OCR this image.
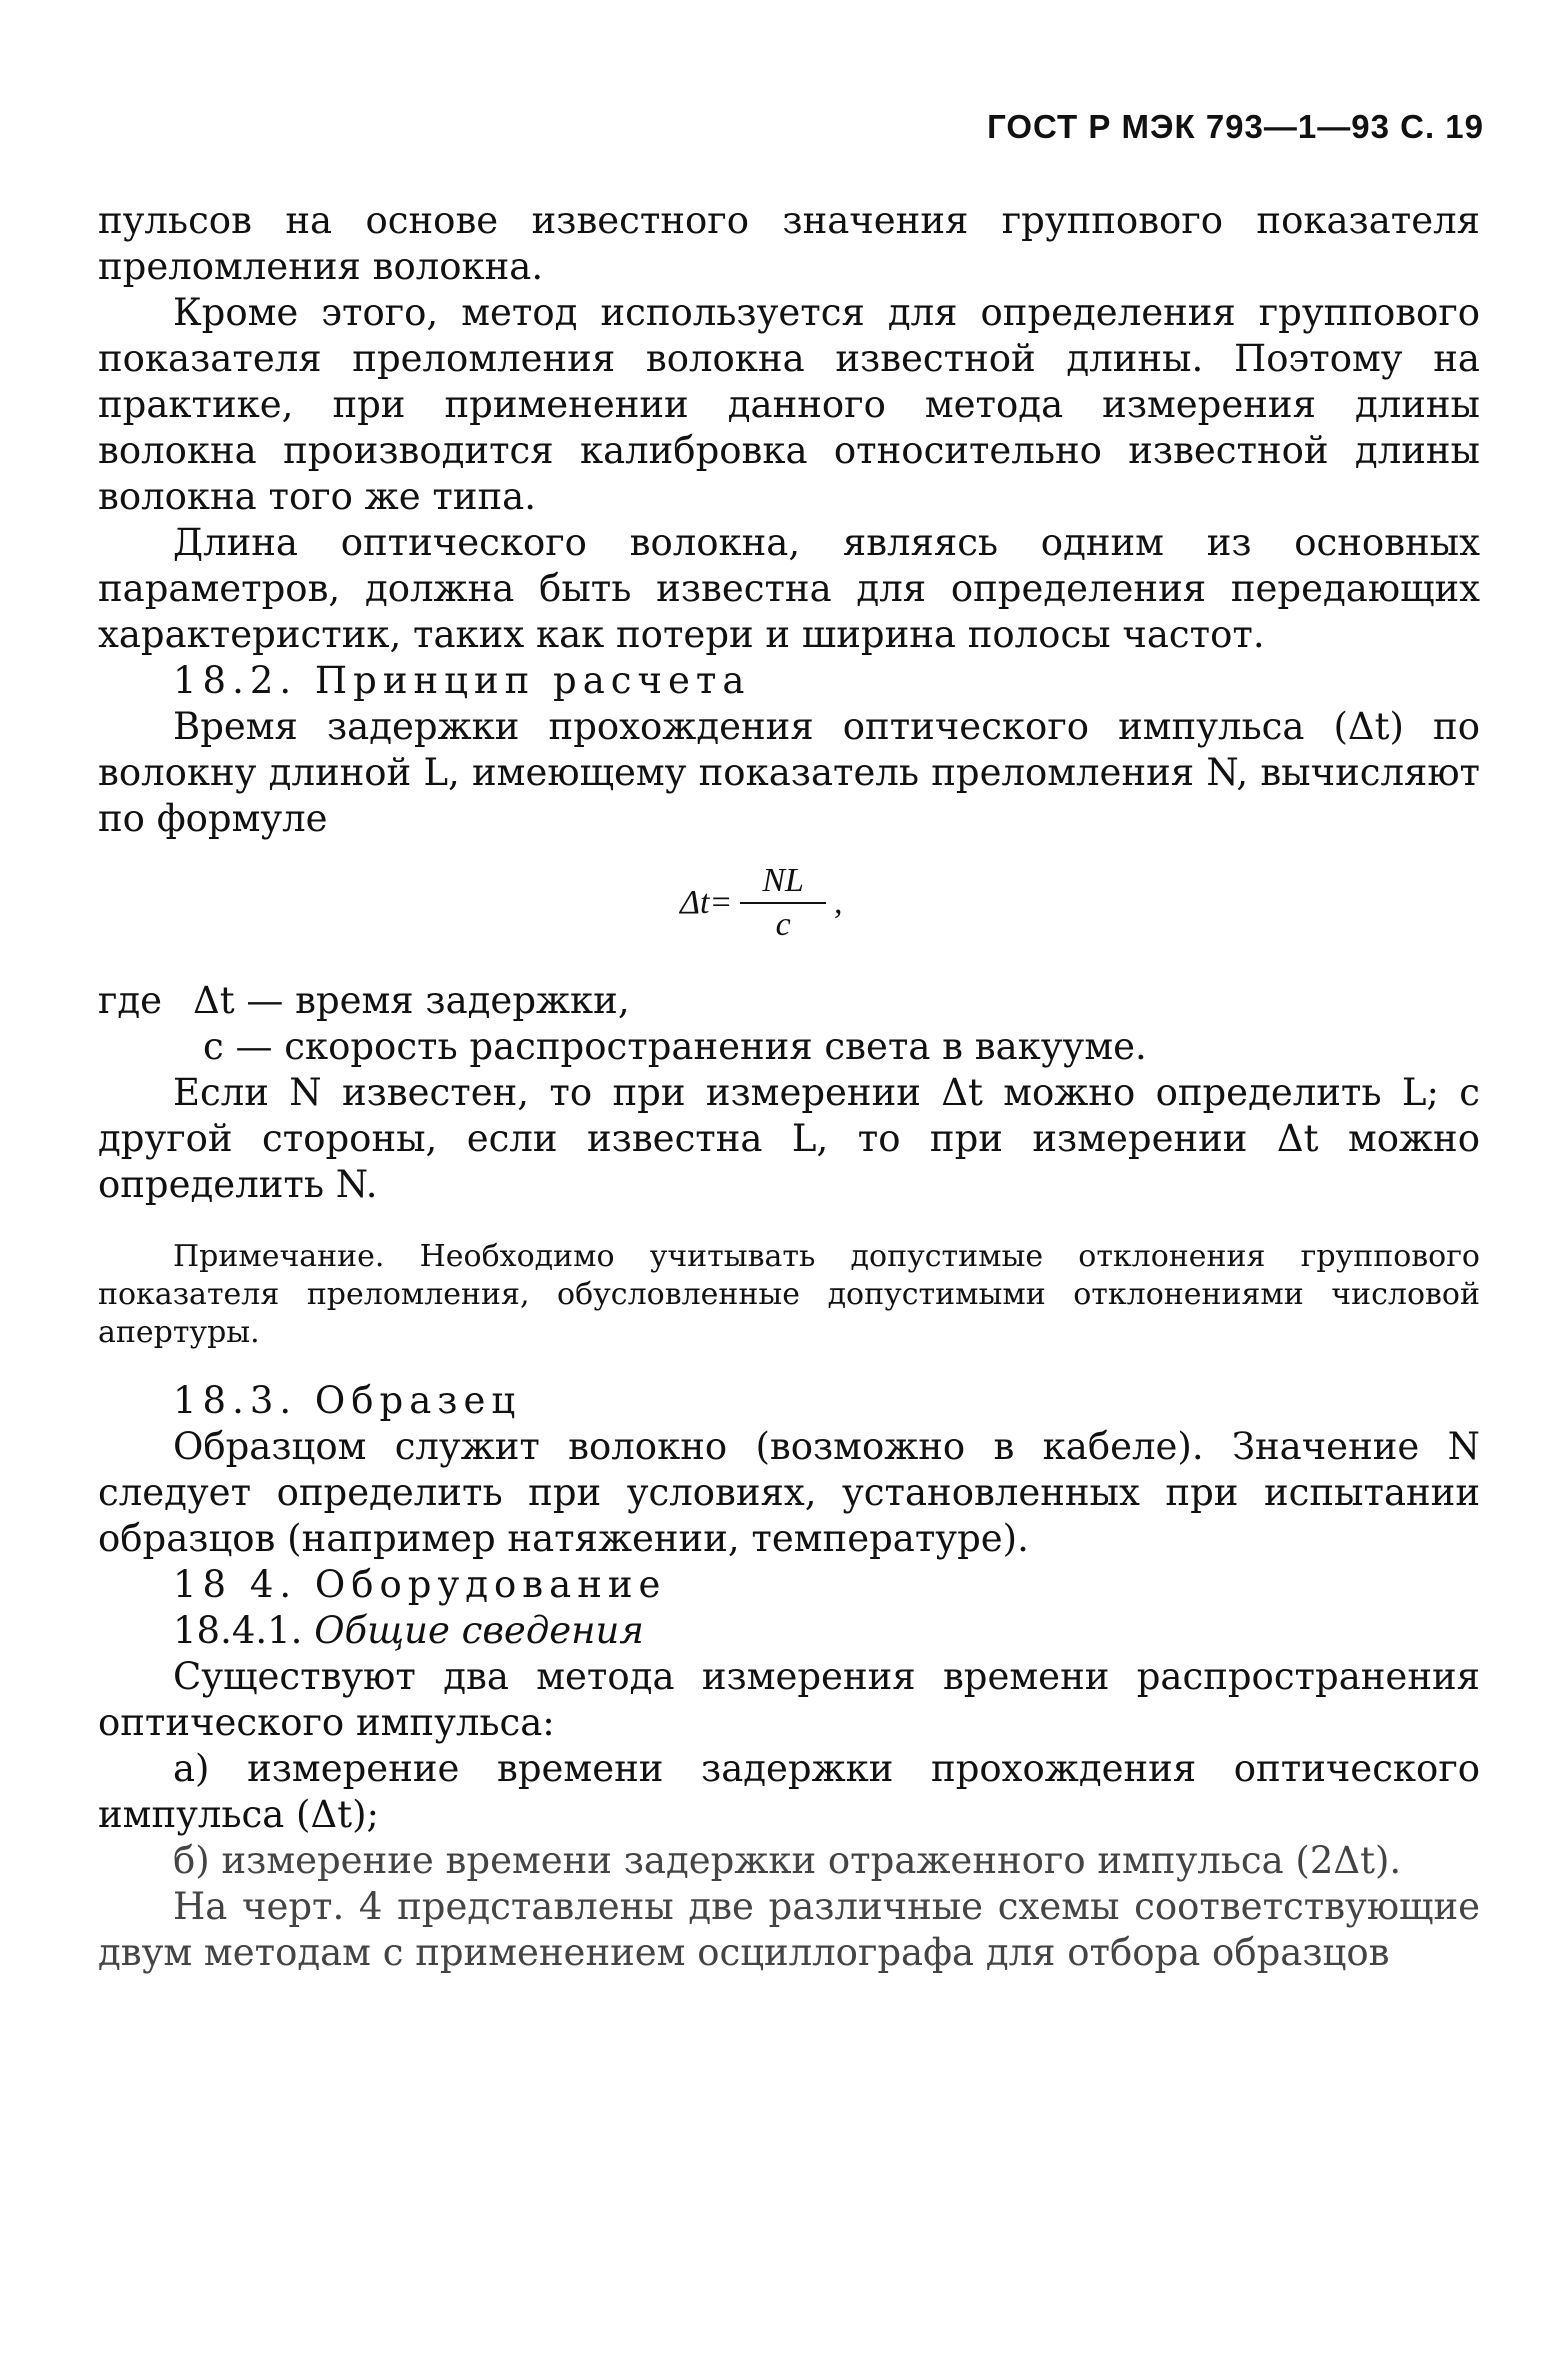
ГОСТ Р МЭК 793—1—93 С. 19

пульсов на основе известного значения группового показателя преломления волокна.

Кроме этого, метод используется для определения группового показателя преломления волокна известной длины. Поэтому на практике, при применении данного метода измерения длины волокна производится калибровка относительно известной длины волокна того же типа.

Длина оптического волокна, являясь одним из основных параметров, должна быть известна для определения передающих характеристик, таких как потери и ширина полосы частот.

18.2. Принцип расчета

Время задержки прохождения оптического импульса (Δt) по волокну длиной L, имеющему показатель преломления N, вычисляют по формуле

$\Delta t= \frac{NL}{c}$ ,
где Δt — время задержки,

c — скорость распространения света в вакууме.

Если N известен, то при измерении Δt можно определить L; с другой стороны, если известна L, то при измерении Δt можно определить N.

Примечание. Необходимо учитывать допустимые отклонения группового показателя преломления, обусловленные допустимыми отклонениями числовой апертуры.

18.3. Образец

Образцом служит волокно (возможно в кабеле). Значение N следует определить при условиях, установленных при испытании образцов (например натяжении, температуре).

18 4. Оборудование

18.4.1. Общие сведения

Существуют два метода измерения времени распространения оптического импульса:

а) измерение времени задержки прохождения оптического импульса (Δt);

б) измерение времени задержки отраженного импульса (2Δt).

На черт. 4 представлены две различные схемы соответствующие двум методам с применением осциллографа для отбора образцов
